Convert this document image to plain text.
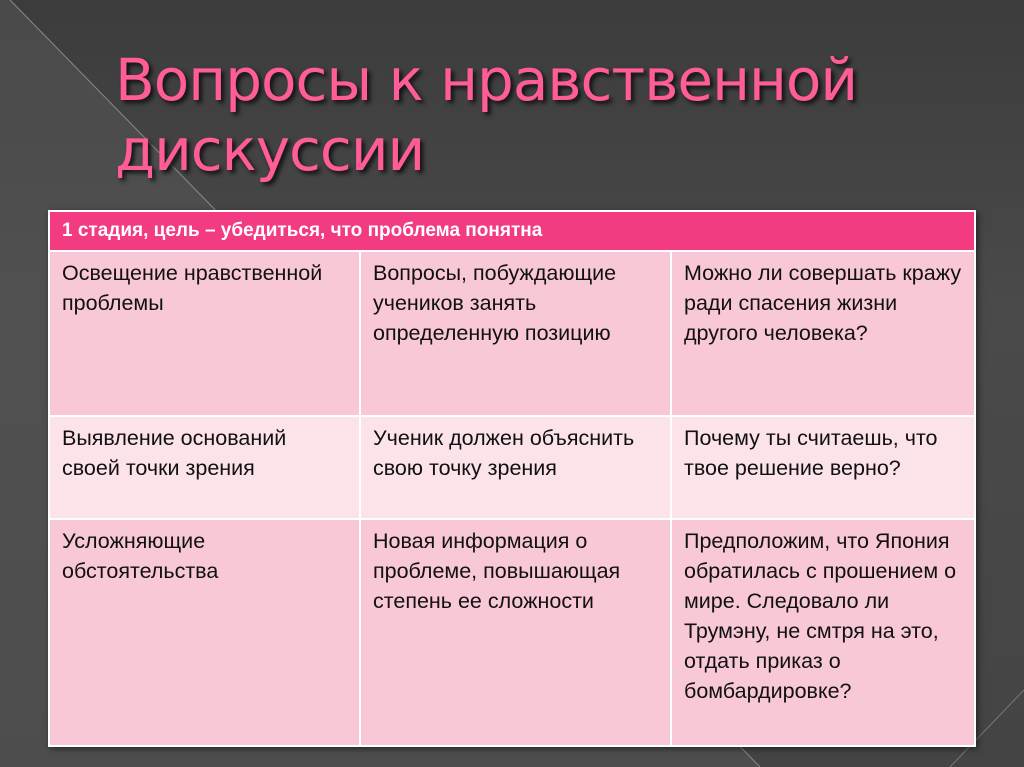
Вопросы к нравственной дискуссии
1 стадия, цель – убедиться, что проблема понятна		
Освещение нравственной проблемы	Вопросы, побуждающие учеников занять определенную позицию	Можно ли совершать кражу ради спасения жизни другого человека?
Выявление оснований своей точки зрения	Ученик должен объяснить свою точку зрения	Почему ты считаешь, что твое решение верно?
Усложняющие обстоятельства	Новая информация о проблеме, повышающая степень ее сложности	Предположим, что Япония обратилась с прошением о мире. Следовало ли Трумэну, не смтря на это, отдать приказ о бомбардировке?
